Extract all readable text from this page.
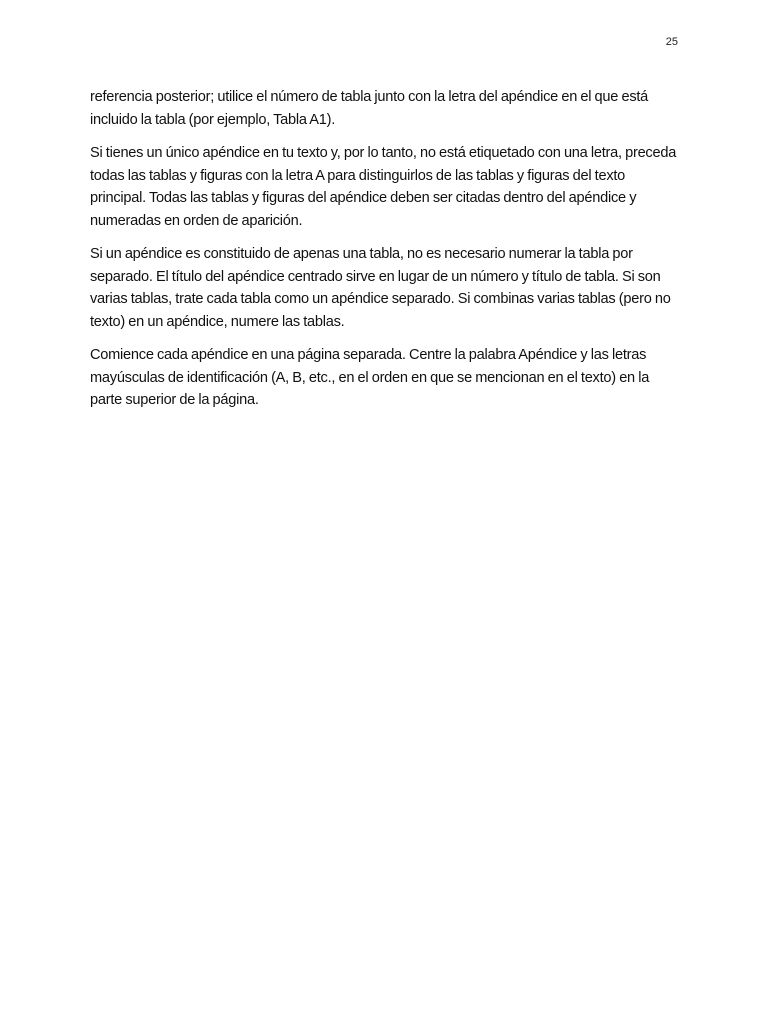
25

referencia posterior; utilice el número de tabla junto con la letra del apéndice en el que está incluido la tabla (por ejemplo, Tabla A1).

Si tienes un único apéndice en tu texto y, por lo tanto, no está etiquetado con una letra, preceda todas las tablas y figuras con la letra A para distinguirlos de las tablas y figuras del texto principal. Todas las tablas y figuras del apéndice deben ser citadas dentro del apéndice y numeradas en orden de aparición.

Si un apéndice es constituido de apenas una tabla, no es necesario numerar la tabla por separado. El título del apéndice centrado sirve en lugar de un número y título de tabla. Si son varias tablas, trate cada tabla como un apéndice separado. Si combinas varias tablas (pero no texto) en un apéndice, numere las tablas.

Comience cada apéndice en una página separada. Centre la palabra Apéndice y las letras mayúsculas de identificación (A, B, etc., en el orden en que se mencionan en el texto) en la parte superior de la página.
